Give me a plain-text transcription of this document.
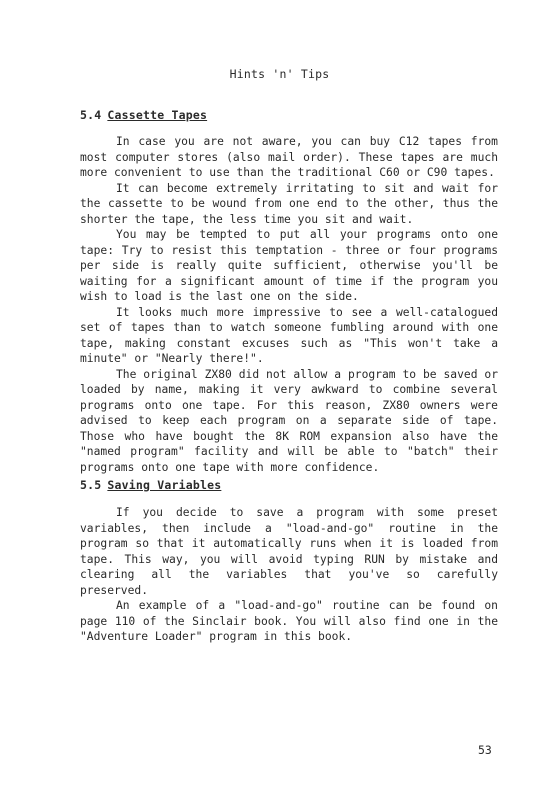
Hints 'n' Tips
5.4 Cassette Tapes

In case you are not aware, you can buy C12 tapes from most computer stores (also mail order). These tapes are much more convenient to use than the traditional C60 or C90 tapes.

It can become extremely irritating to sit and wait for the cassette to be wound from one end to the other, thus the shorter the tape, the less time you sit and wait.

You may be tempted to put all your programs onto one tape: Try to resist this temptation - three or four programs per side is really quite sufficient, otherwise you'll be waiting for a significant amount of time if the program you wish to load is the last one on the side.

It looks much more impressive to see a well-catalogued set of tapes than to watch someone fumbling around with one tape, making constant excuses such as "This won't take a minute" or "Nearly there!".

The original ZX80 did not allow a program to be saved or loaded by name, making it very awkward to combine several programs onto one tape. For this reason, ZX80 owners were advised to keep each program on a separate side of tape. Those who have bought the 8K ROM expansion also have the "named program" facility and will be able to "batch" their programs onto one tape with more confidence.

5.5 Saving Variables

If you decide to save a program with some preset variables, then include a "load-and-go" routine in the program so that it automatically runs when it is loaded from tape. This way, you will avoid typing RUN by mistake and clearing all the variables that you've so carefully preserved.

An example of a "load-and-go" routine can be found on page 110 of the Sinclair book. You will also find one in the "Adventure Loader" program in this book.

53
